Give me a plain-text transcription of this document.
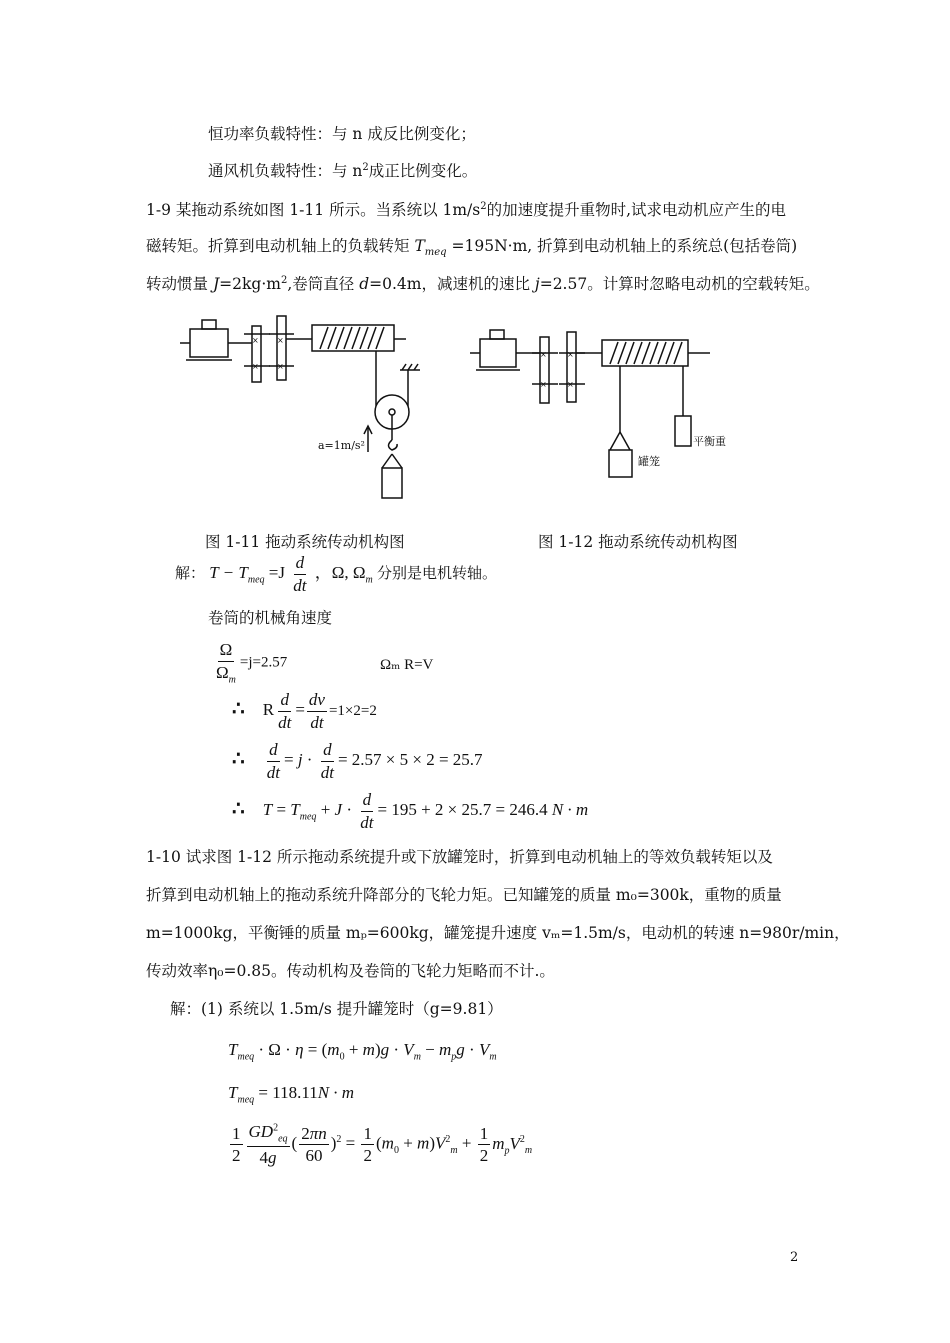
恒功率负载特性：与 n 成反比例变化；
通风机负载特性：与 $n^2$成正比例变化。
1-9 某拖动系统如图 1-11 所示。当系统以 $1m/s^2$的加速度提升重物时,试求电动机应产生的电
磁转矩。折算到电动机轴上的负载转矩 $T_{meq} =195N\cdot m$, 折算到电动机轴上的系统总(包括卷筒)
转动惯量 $J=2kg\cdot m^2$,卷筒直径 d=0.4m，减速机的速比 j=2.57。计算时忽略电动机的空载转矩。
×
×
×
×
a=1m/s²
×
×
×
×
罐笼
平衡重
图 1-11 拖动系统传动机构图	图 1-12 拖动系统传动机构图
解： $T - T_{meq} =J \frac{d}{dt}$ ，Ω, $\Omega_m$ 分别是电机转轴。
卷筒的机械角速度
$\frac{\Omega}{\Omega_m} =j=2.57$	Ωₘ R=V
∴ R $\frac{d}{dt} = \frac{dv}{dt} =1\times 2=2$
∴ $\frac{d}{dt} = j \cdot \frac{d}{dt} = 2.57 \times 5 \times 2 = 25.7$
∴ $T = T_{meq} + J \cdot \frac{d}{dt} = 195 + 2 \times 25.7 = 246.4$ N · m
1-10 试求图 1-12 所示拖动系统提升或下放罐笼时，折算到电动机轴上的等效负载转矩以及
折算到电动机轴上的拖动系统升降部分的飞轮力矩。已知罐笼的质量 m₀=300k，重物的质量
m=1000kg，平衡锤的质量 mₚ=600kg，罐笼提升速度 vₘ=1.5m/s，电动机的转速 n=980r/min，
传动效率η₀=0.85。传动机构及卷筒的飞轮力矩略而不计.。
解：(1) 系统以 1.5m/s 提升罐笼时（g=9.81）
$T_{meq} \cdot \Omega \cdot \eta = (m_0 + m)g \cdot V_m - m_pg \cdot V_m$
$T_{meq} = 118.11N \cdot m$
$\frac{1}{2} \frac{GD^2_{eq}}{4g}$ ( $\frac{2\pi n}{60} )^2 = \frac{1}{2} (m_0 + m)V^2_m + \frac{1}{2} m_pV^2_m$
2
